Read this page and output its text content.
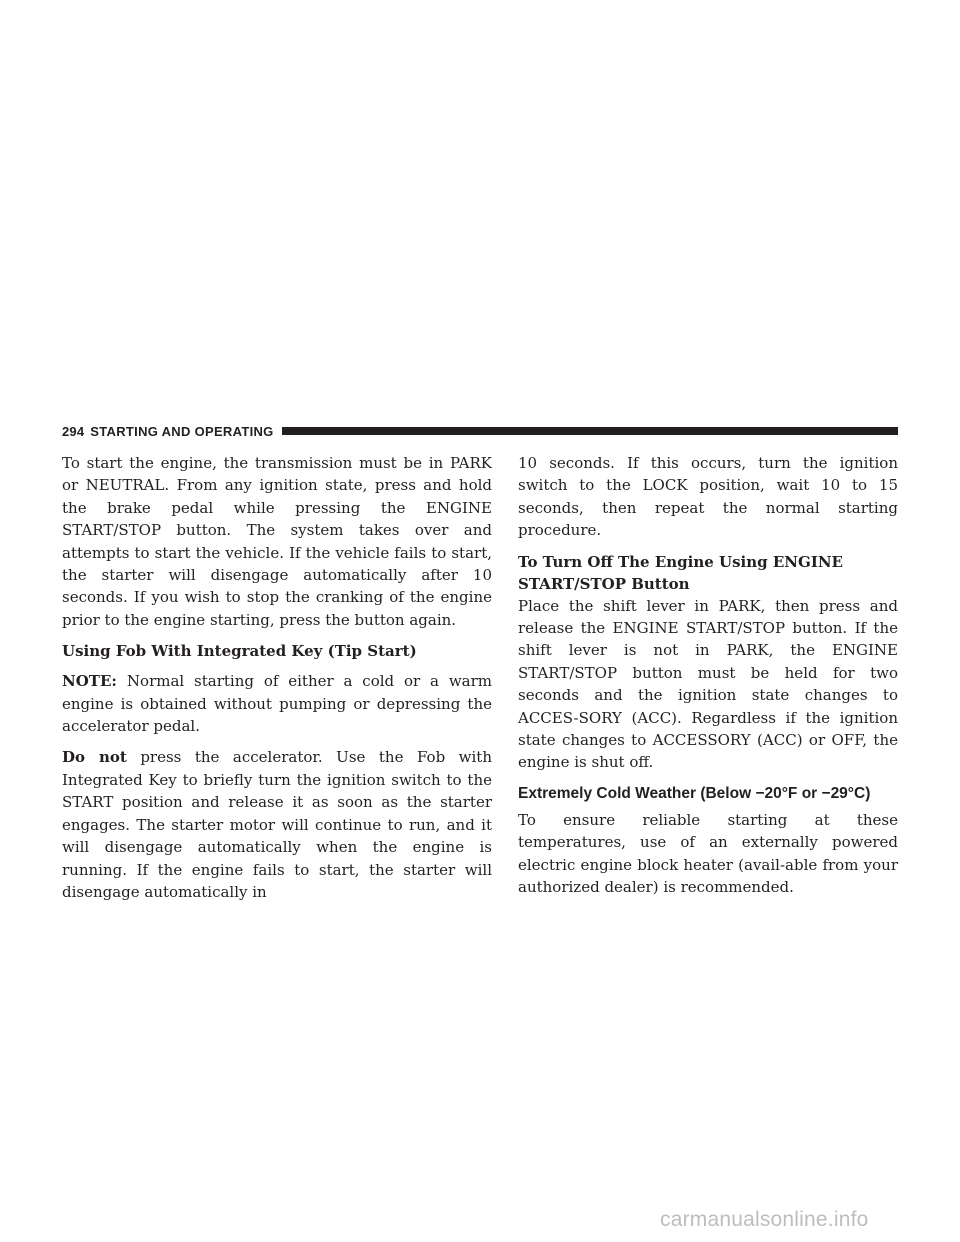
294 STARTING AND OPERATING

To start the engine, the transmission must be in PARK or NEUTRAL. From any ignition state, press and hold the brake pedal while pressing the ENGINE START/STOP button. The system takes over and attempts to start the vehicle. If the vehicle fails to start, the starter will disengage automatically after 10 seconds. If you wish to stop the cranking of the engine prior to the engine starting, press the button again.

Using Fob With Integrated Key (Tip Start)

NOTE: Normal starting of either a cold or a warm engine is obtained without pumping or depressing the accelerator pedal.

Do not press the accelerator. Use the Fob with Integrated Key to briefly turn the ignition switch to the START position and release it as soon as the starter engages. The starter motor will continue to run, and it will disengage automatically when the engine is running. If the engine fails to start, the starter will disengage automatically in

10 seconds. If this occurs, turn the ignition switch to the LOCK position, wait 10 to 15 seconds, then repeat the normal starting procedure.

To Turn Off The Engine Using ENGINE
START/STOP Button

Place the shift lever in PARK, then press and release the ENGINE START/STOP button. If the shift lever is not in PARK, the ENGINE START/STOP button must be held for two seconds and the ignition state changes to ACCES-SORY (ACC). Regardless if the ignition state changes to ACCESSORY (ACC) or OFF, the engine is shut off.

Extremely Cold Weather (Below −20°F or −29°C)

To ensure reliable starting at these temperatures, use of an externally powered electric engine block heater (avail-able from your authorized dealer) is recommended.

carmanualsonline.info
